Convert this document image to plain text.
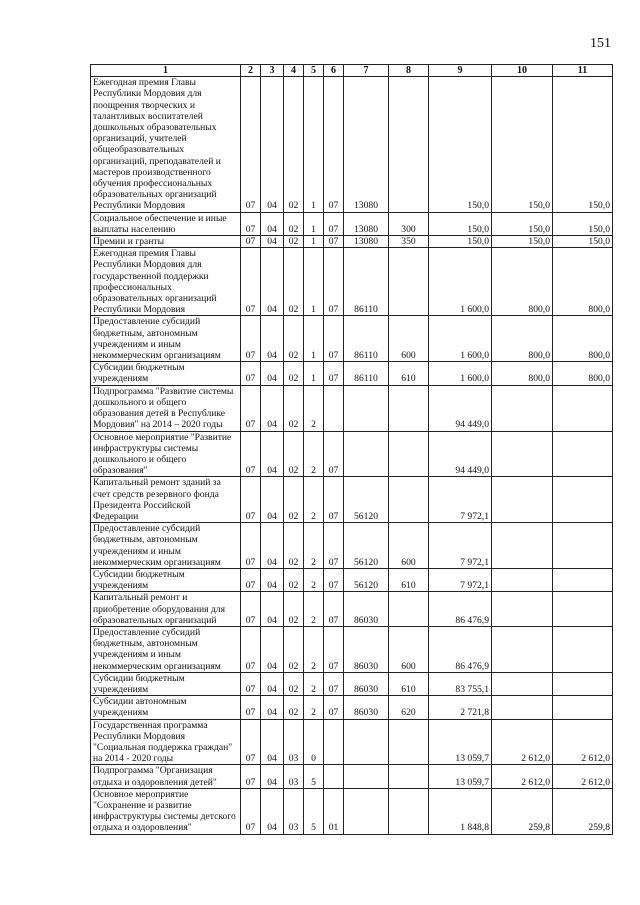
151
1	2	3	4	5	6	7	8	9	10	11
Ежегодная премия Главы Республики Мордовия для поощрения творческих и талантливых воспитателей дошкольных образовательных организаций, учителей общеобразовательных организаций, преподавателей и мастеров производственного обучения профессиональных образовательных организаций Республики Мордовия	07	04	02	1	07	13080		150,0	150,0	150,0
Социальное обеспечение и иные выплаты населению	07	04	02	1	07	13080	300	150,0	150,0	150,0
Премии и гранты	07	04	02	1	07	13080	350	150,0	150,0	150,0
Ежегодная премия Главы Республики Мордовия для государственной поддержки профессиональных образовательных организаций Республики Мордовия	07	04	02	1	07	86110		1 600,0	800,0	800,0
Предоставление субсидий бюджетным, автономным учреждениям и иным некоммерческим организациям	07	04	02	1	07	86110	600	1 600,0	800,0	800,0
Субсидии бюджетным учреждениям	07	04	02	1	07	86110	610	1 600,0	800,0	800,0
Подпрограмма "Развитие системы дошкольного и общего образования детей в Республике Мордовия" на 2014 – 2020 годы	07	04	02	2				94 449,0		
Основное мероприятие "Развитие инфраструктуры системы дошкольного и общего образования"	07	04	02	2	07			94 449,0		
Капитальный ремонт зданий за счет средств резервного фонда Президента Российской Федерации	07	04	02	2	07	56120		7 972,1		
Предоставление субсидий бюджетным, автономным учреждениям и иным некоммерческим организациям	07	04	02	2	07	56120	600	7 972,1		
Субсидии бюджетным учреждениям	07	04	02	2	07	56120	610	7 972,1		
Капитальный ремонт и приобретение оборудования для образовательных организаций	07	04	02	2	07	86030		86 476,9		
Предоставление субсидий бюджетным, автономным учреждениям и иным некоммерческим организациям	07	04	02	2	07	86030	600	86 476,9		
Субсидии бюджетным учреждениям	07	04	02	2	07	86030	610	83 755,1		
Субсидии автономным учреждениям	07	04	02	2	07	86030	620	2 721,8		
Государственная программа Республики Мордовия "Социальная поддержка граждан" на 2014 - 2020 годы	07	04	03	0				13 059,7	2 612,0	2 612,0
Подпрограмма "Организация отдыха и оздоровления детей"	07	04	03	5				13 059,7	2 612,0	2 612,0
Основное мероприятие "Сохранение и развитие инфраструктуры системы детского отдыха и оздоровления"	07	04	03	5	01			1 848,8	259,8	259,8
